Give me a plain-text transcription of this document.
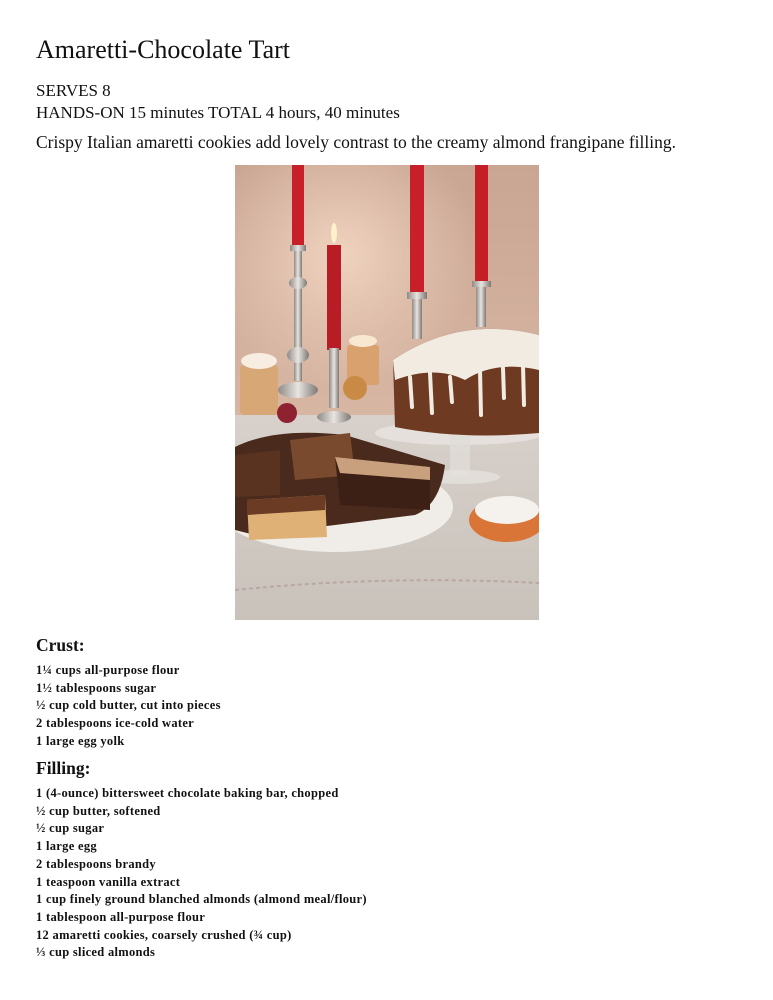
Amaretti-Chocolate Tart
SERVES 8
HANDS-ON 15 minutes TOTAL 4 hours, 40 minutes
Crispy Italian amaretti cookies add lovely contrast to the creamy almond frangipane filling.
Crust:
1¼ cups all-purpose flour
1½ tablespoons sugar
½ cup cold butter, cut into pieces
2 tablespoons ice-cold water
1 large egg yolk
Filling:
1 (4-ounce) bittersweet chocolate baking bar, chopped
½ cup butter, softened
½ cup sugar
1 large egg
2 tablespoons brandy
1 teaspoon vanilla extract
1 cup finely ground blanched almonds (almond meal/flour)
1 tablespoon all-purpose flour
12 amaretti cookies, coarsely crushed (¾ cup)
⅓ cup sliced almonds
